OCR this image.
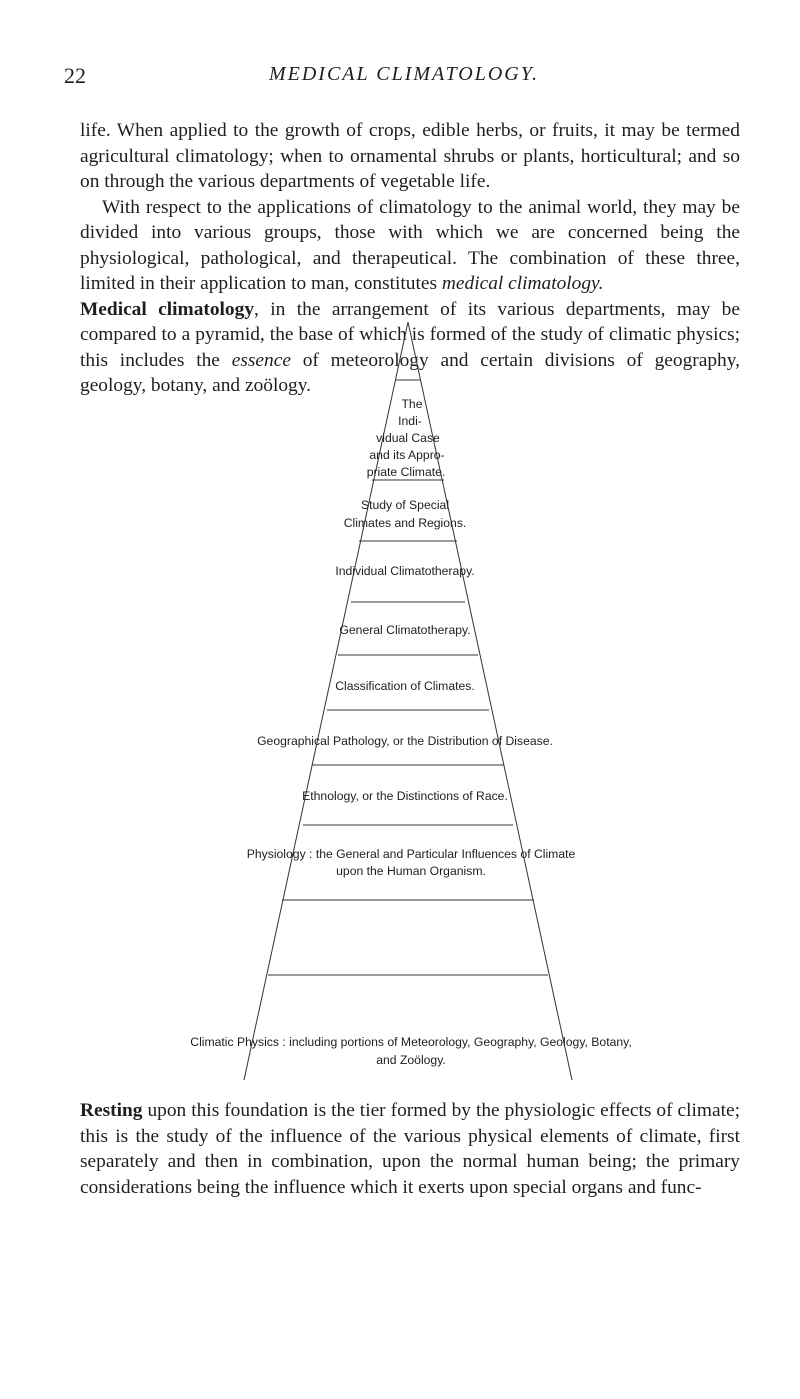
22	MEDICAL CLIMATOLOGY.

life. When applied to the growth of crops, edible herbs, or fruits, it may be termed agricultural climatology; when to ornamental shrubs or plants, horticultural; and so on through the various departments of vegetable life.

With respect to the applications of climatology to the animal world, they may be divided into various groups, those with which we are concerned being the physiological, pathological, and therapeutical. The combination of these three, limited in their application to man, constitutes medical climatology.

Medical climatology, in the arrangement of its various departments, may be compared to a pyramid, the base of which is formed of the study of climatic physics; this includes the essence of meteorology and certain divisions of geography, geology, botany, and zoölogy.

The
Indi-
vidual Case
and its Appro-
priate Climate.
Study of Special
Climates and Regions.
Individual Climatotherapy.
General Climatotherapy.
Classification of Climates.
Geographical Pathology, or the Distribution of Disease.
Ethnology, or the Distinctions of Race.
Physiology : the General and Particular Influences of Climate
upon the Human Organism.
Climatic Physics : including portions of Meteorology, Geography, Geology, Botany,
and Zoölogy.

Resting upon this foundation is the tier formed by the physiologic effects of climate; this is the study of the influence of the various physical elements of climate, first separately and then in combination, upon the normal human being; the primary considerations being the influence which it exerts upon special organs and func-
